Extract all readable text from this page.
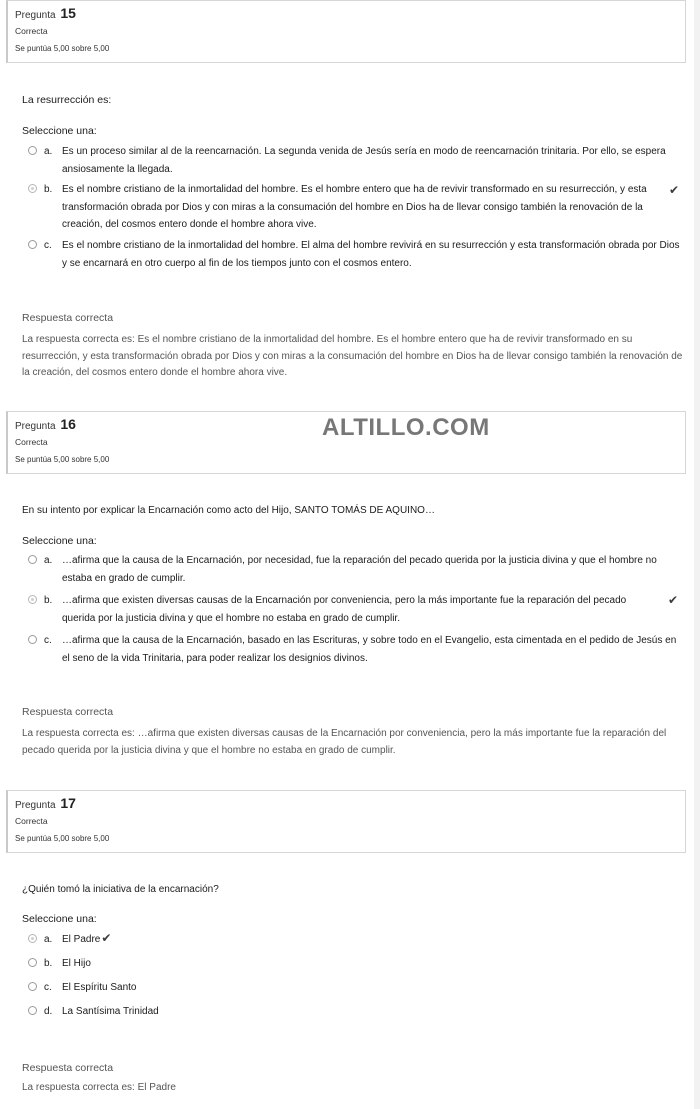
Pregunta 15
Correcta
Se puntúa 5,00 sobre 5,00
La resurrección es:
Seleccione una:
a. Es un proceso similar al de la reencarnación. La segunda venida de Jesús sería en modo de reencarnación trinitaria. Por ello, se espera ansiosamente la llegada.
b. Es el nombre cristiano de la inmortalidad del hombre. Es el hombre entero que ha de revivir transformado en su resurrección, y esta transformación obrada por Dios y con miras a la consumación del hombre en Dios ha de llevar consigo también la renovación de la creación, del cosmos entero donde el hombre ahora vive.
✔
c. Es el nombre cristiano de la inmortalidad del hombre. El alma del hombre revivirá en su resurrección y esta transformación obrada por Dios y se encarnará en otro cuerpo al fin de los tiempos junto con el cosmos entero.
Respuesta correcta
La respuesta correcta es: Es el nombre cristiano de la inmortalidad del hombre. Es el hombre entero que ha de revivir transformado en su resurrección, y esta transformación obrada por Dios y con miras a la consumación del hombre en Dios ha de llevar consigo también la renovación de la creación, del cosmos entero donde el hombre ahora vive.
Pregunta 16
Correcta
Se puntúa 5,00 sobre 5,00
En su intento por explicar la Encarnación como acto del Hijo, SANTO TOMÁS DE AQUINO…
Seleccione una:
a. …afirma que la causa de la Encarnación, por necesidad, fue la reparación del pecado querida por la justicia divina y que el hombre no estaba en grado de cumplir.
b. …afirma que existen diversas causas de la Encarnación por conveniencia, pero la más importante fue la reparación del pecado querida por la justicia divina y que el hombre no estaba en grado de cumplir.
✔
c. …afirma que la causa de la Encarnación, basado en las Escrituras, y sobre todo en el Evangelio, esta cimentada en el pedido de Jesús en el seno de la vida Trinitaria, para poder realizar los designios divinos.
Respuesta correcta
La respuesta correcta es: …afirma que existen diversas causas de la Encarnación por conveniencia, pero la más importante fue la reparación del pecado querida por la justicia divina y que el hombre no estaba en grado de cumplir.
Pregunta 17
Correcta
Se puntúa 5,00 sobre 5,00
¿Quién tomó la iniciativa de la encarnación?
Seleccione una:
a. El Padre✔
b. El Hijo
c. El Espíritu Santo
d. La Santísima Trinidad
Respuesta correcta
La respuesta correcta es: El Padre
ALTILLO.COM
